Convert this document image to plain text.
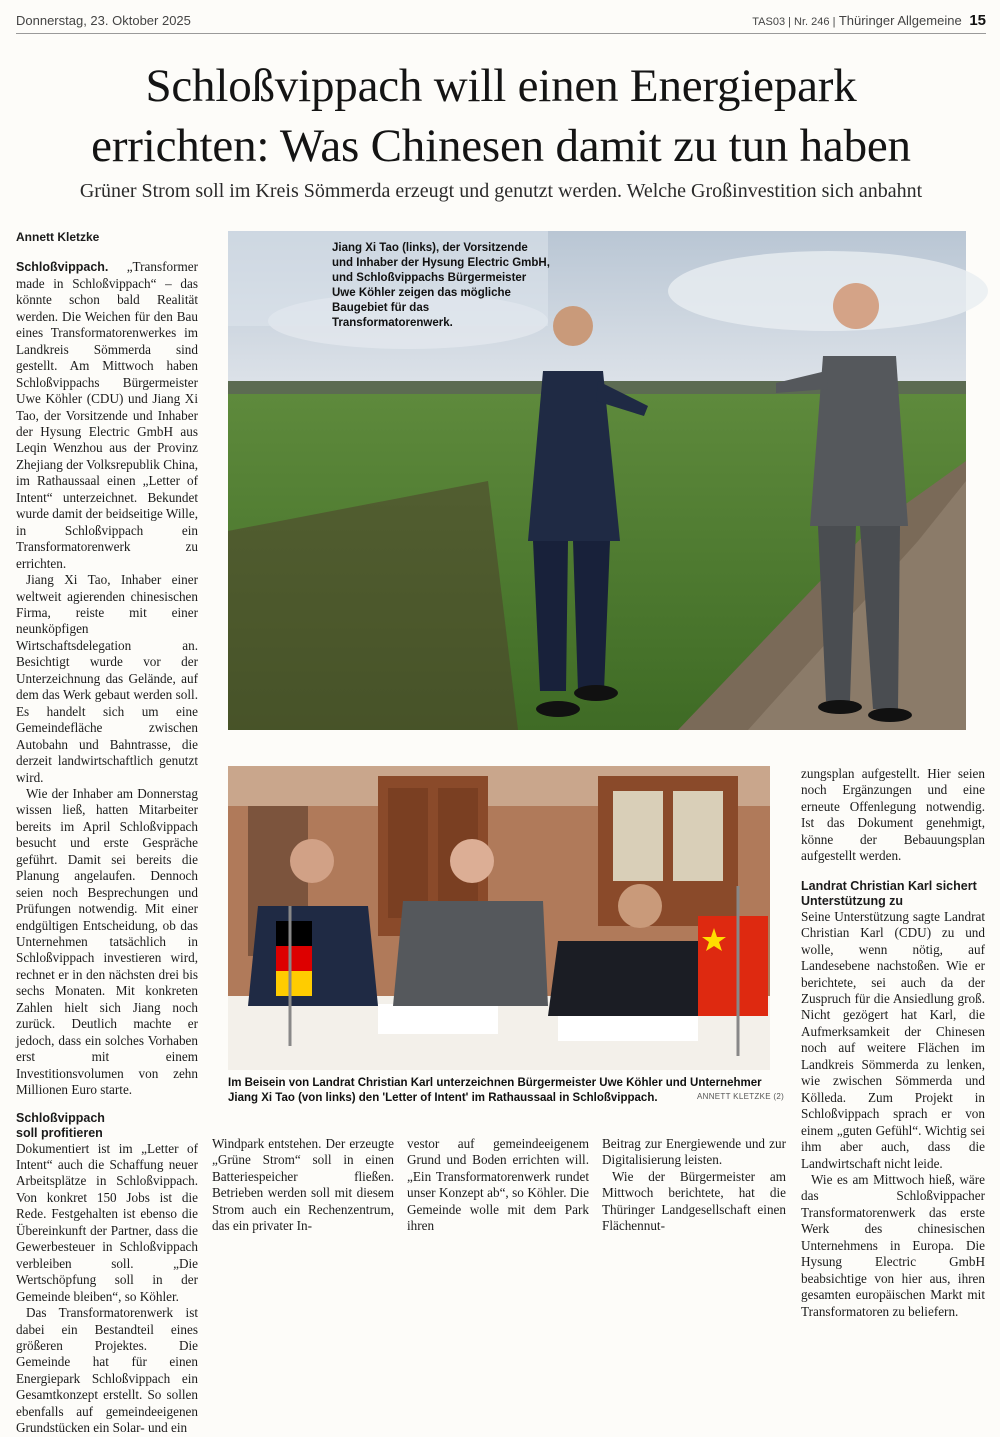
Donnerstag, 23. Oktober 2025	TAS03 | Nr. 246 | Thüringer Allgemeine 15
Schloßvippach will einen Energiepark
errichten: Was Chinesen damit zu tun haben
Grüner Strom soll im Kreis Sömmerda erzeugt und genutzt werden. Welche Großinvestition sich anbahnt
Annett Kletzke

Schloßvippach. „Transformer made in Schloßvippach“ – das könnte schon bald Realität werden. Die Weichen für den Bau eines Transformatorenwerkes im Landkreis Sömmerda sind gestellt. Am Mittwoch haben Schloßvippachs Bürgermeister Uwe Köhler (CDU) und Jiang Xi Tao, der Vorsitzende und Inhaber der Hysung Electric GmbH aus Leqin Wenzhou aus der Provinz Zhejiang der Volksrepublik China, im Rathaussaal einen „Letter of Intent“ unterzeichnet. Bekundet wurde damit der beidseitige Wille, in Schloßvippach ein Transformatorenwerk zu errichten.

Jiang Xi Tao, Inhaber einer weltweit agierenden chinesischen Firma, reiste mit einer neunköpfigen Wirtschaftsdelegation an. Besichtigt wurde vor der Unterzeichnung das Gelände, auf dem das Werk gebaut werden soll. Es handelt sich um eine Gemeindefläche zwischen Autobahn und Bahntrasse, die derzeit landwirtschaftlich genutzt wird.

Wie der Inhaber am Donnerstag wissen ließ, hatten Mitarbeiter bereits im April Schloßvippach besucht und erste Gespräche geführt. Damit sei bereits die Planung angelaufen. Dennoch seien noch Besprechungen und Prüfungen notwendig. Mit einer endgültigen Entscheidung, ob das Unternehmen tatsächlich in Schloßvippach investieren wird, rechnet er in den nächsten drei bis sechs Monaten. Mit konkreten Zahlen hielt sich Jiang noch zurück. Deutlich machte er jedoch, dass ein solches Vorhaben erst mit einem Investitionsvolumen von zehn Millionen Euro starte.

Schloßvippach
soll profitieren

Dokumentiert ist im „Letter of Intent“ auch die Schaffung neuer Arbeitsplätze in Schloßvippach. Von konkret 150 Jobs ist die Rede. Festgehalten ist ebenso die Übereinkunft der Partner, dass die Gewerbesteuer in Schloßvippach verbleiben soll. „Die Wertschöpfung soll in der Gemeinde bleiben“, so Köhler.

Das Transformatorenwerk ist dabei ein Bestandteil eines größeren Projektes. Die Gemeinde hat für einen Energiepark Schloßvippach ein Gesamtkonzept erstellt. So sollen ebenfalls auf gemeindeeigenen Grundstücken ein Solar- und ein

Jiang Xi Tao (links), der Vorsitzende und Inhaber der Hysung Electric GmbH, und Schloßvippachs Bürgermeister Uwe Köhler zeigen das mögliche Baugebiet für das Transformatorenwerk.
Im Beisein von Landrat Christian Karl unterzeichnen Bürgermeister Uwe Köhler und Unternehmer Jiang Xi Tao (von links) den 'Letter of Intent' im Rathaussaal in Schloßvippach.	ANNETT KLETZKE (2)

Windpark entstehen. Der erzeugte „Grüne Strom“ soll in einen Batteriespeicher fließen. Betrieben werden soll mit diesem Strom auch ein Rechenzentrum, das ein privater In-

vestor auf gemeindeeigenem Grund und Boden errichten will. „Ein Transformatorenwerk rundet unser Konzept ab“, so Köhler. Die Gemeinde wolle mit dem Park ihren

Beitrag zur Energiewende und zur Digitalisierung leisten.

Wie der Bürgermeister am Mittwoch berichtete, hat die Thüringer Landgesellschaft einen Flächennut-

zungsplan aufgestellt. Hier seien noch Ergänzungen und eine erneute Offenlegung notwendig. Ist das Dokument genehmigt, könne der Bebauungsplan aufgestellt werden.

Landrat Christian Karl sichert
Unterstützung zu

Seine Unterstützung sagte Landrat Christian Karl (CDU) zu und wolle, wenn nötig, auf Landesebene nachstoßen. Wie er berichtete, sei auch da der Zuspruch für die Ansiedlung groß. Nicht gezögert hat Karl, die Aufmerksamkeit der Chinesen noch auf weitere Flächen im Landkreis Sömmerda zu lenken, wie zwischen Sömmerda und Kölleda. Zum Projekt in Schloßvippach sprach er von einem „guten Gefühl“. Wichtig sei ihm aber auch, dass die Landwirtschaft nicht leide.

Wie es am Mittwoch hieß, wäre das Schloßvippacher Transformatorenwerk das erste Werk des chinesischen Unternehmens in Europa. Die Hysung Electric GmbH beabsichtige von hier aus, ihren gesamten europäischen Markt mit Transformatoren zu beliefern.
